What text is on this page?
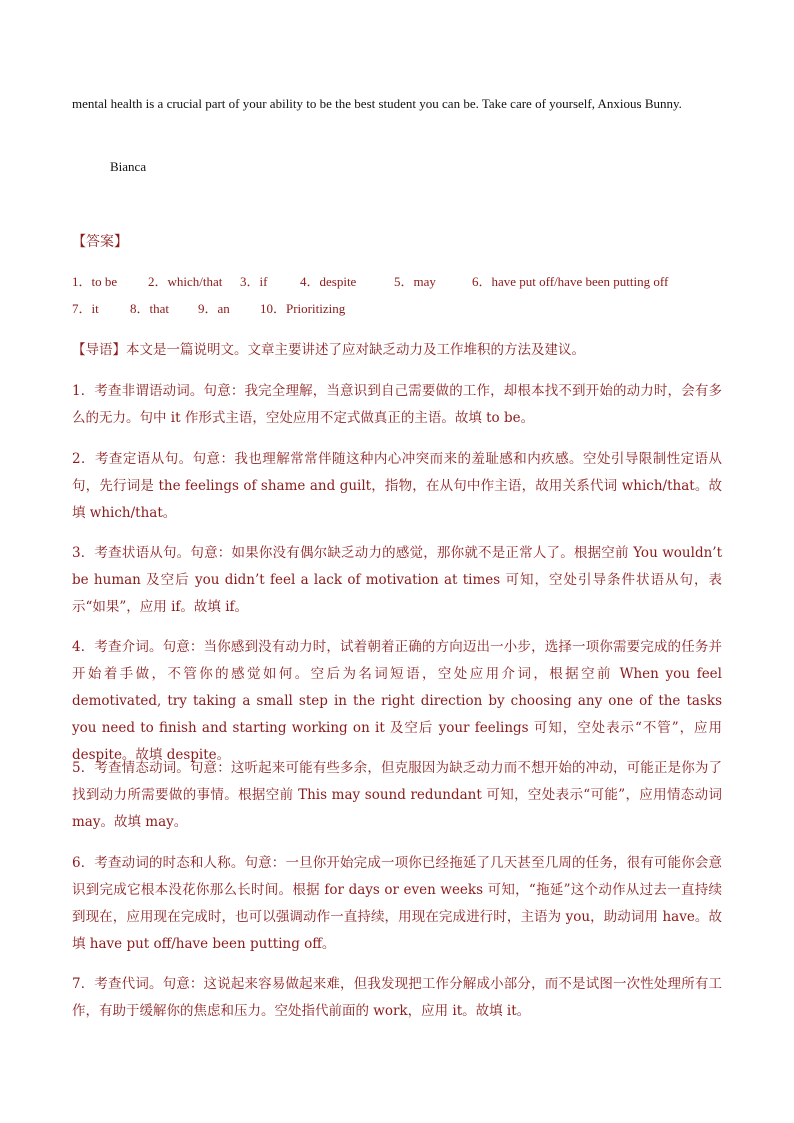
mental health is a crucial part of your ability to be the best student you can be. Take care of yourself, Anxious Bunny.
Bianca
【答案】
1．to be 2．which/that 3．if	4．despite	5．may	6．have put off/have been putting off
7．it 8．that 9．an 10．Prioritizing
【导语】本文是一篇说明文。文章主要讲述了应对缺乏动力及工作堆积的方法及建议。
1．考查非谓语动词。句意：我完全理解，当意识到自己需要做的工作，却根本找不到开始的动力时，会有多么的无力。句中 it 作形式主语，空处应用不定式做真正的主语。故填 to be。
2．考查定语从句。句意：我也理解常常伴随这种内心冲突而来的羞耻感和内疚感。空处引导限制性定语从句，先行词是 the feelings of shame and guilt，指物，在从句中作主语，故用关系代词 which/that。故填 which/that。
3．考查状语从句。句意：如果你没有偶尔缺乏动力的感觉，那你就不是正常人了。根据空前 You wouldn’t be human 及空后 you didn’t feel a lack of motivation at times 可知，空处引导条件状语从句，表示“如果”，应用 if。故填 if。
4．考查介词。句意：当你感到没有动力时，试着朝着正确的方向迈出一小步，选择一项你需要完成的任务并开始着手做，不管你的感觉如何。空后为名词短语，空处应用介词，根据空前 When you feel demotivated, try taking a small step in the right direction by choosing any one of the tasks you need to finish and starting working on it 及空后 your feelings 可知，空处表示“不管”，应用 despite。故填 despite。
5．考查情态动词。句意：这听起来可能有些多余，但克服因为缺乏动力而不想开始的冲动，可能正是你为了找到动力所需要做的事情。根据空前 This may sound redundant 可知，空处表示“可能”，应用情态动词 may。故填 may。
6．考查动词的时态和人称。句意：一旦你开始完成一项你已经拖延了几天甚至几周的任务，很有可能你会意识到完成它根本没花你那么长时间。根据 for days or even weeks 可知，“拖延”这个动作从过去一直持续到现在，应用现在完成时，也可以强调动作一直持续，用现在完成进行时，主语为 you，助动词用 have。故填 have put off/have been putting off。
7．考查代词。句意：这说起来容易做起来难，但我发现把工作分解成小部分，而不是试图一次性处理所有工作，有助于缓解你的焦虑和压力。空处指代前面的 work，应用 it。故填 it。
